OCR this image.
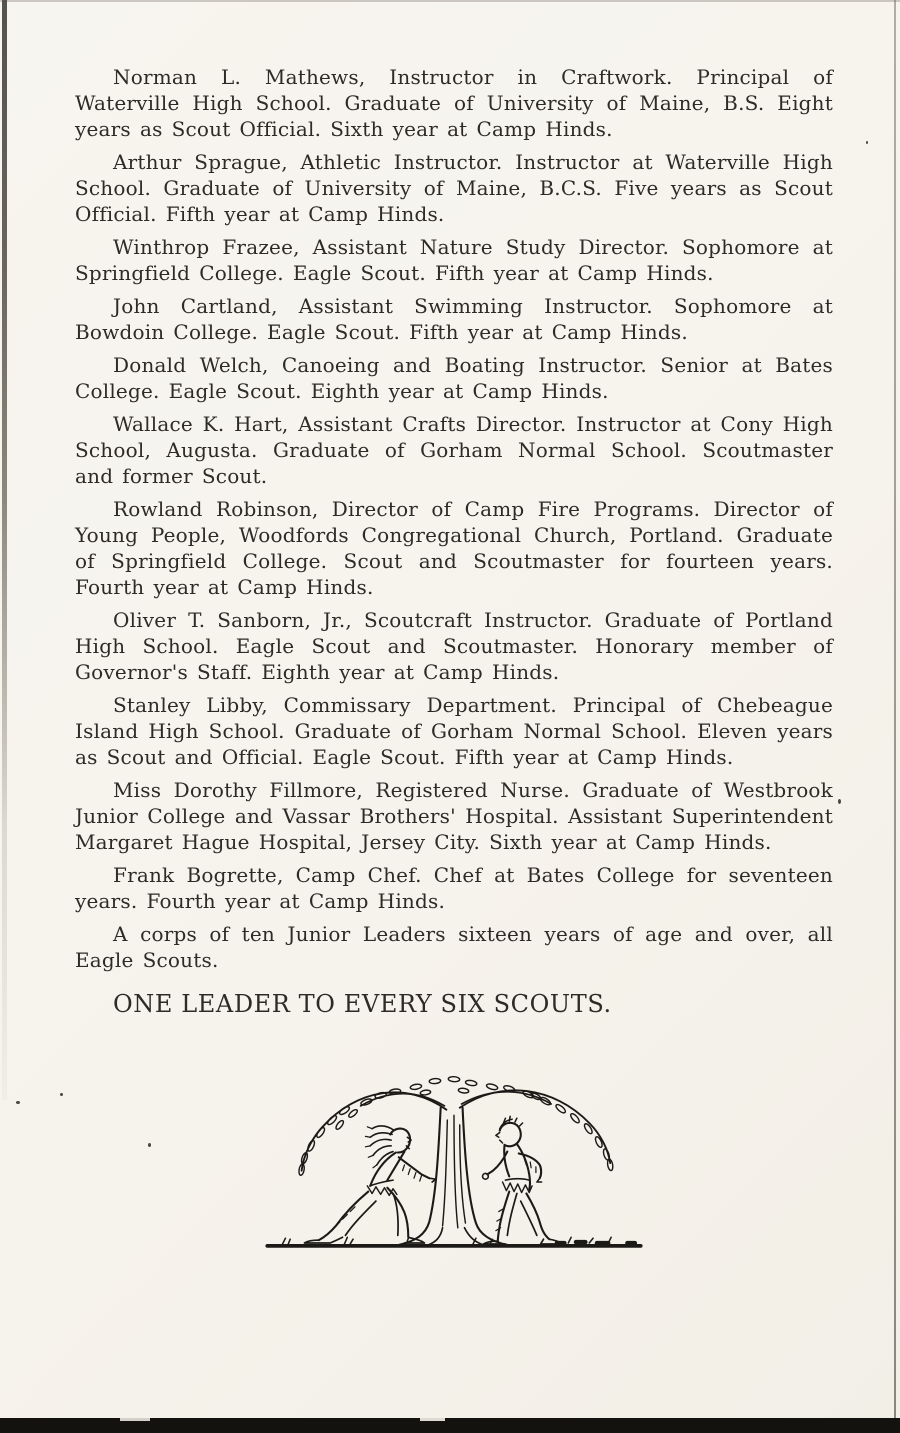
Norman L. Mathews, Instructor in Craftwork. Principal of Waterville High School. Graduate of University of Maine, B.S. Eight years as Scout Official. Sixth year at Camp Hinds.

Arthur Sprague, Athletic Instructor. Instructor at Waterville High School. Graduate of University of Maine, B.C.S. Five years as Scout Official. Fifth year at Camp Hinds.

Winthrop Frazee, Assistant Nature Study Director. Sophomore at Springfield College. Eagle Scout. Fifth year at Camp Hinds.

John Cartland, Assistant Swimming Instructor. Sophomore at Bowdoin College. Eagle Scout. Fifth year at Camp Hinds.

Donald Welch, Canoeing and Boating Instructor. Senior at Bates College. Eagle Scout. Eighth year at Camp Hinds.

Wallace K. Hart, Assistant Crafts Director. Instructor at Cony High School, Augusta. Graduate of Gorham Normal School. Scoutmaster and former Scout.

Rowland Robinson, Director of Camp Fire Programs. Director of Young People, Woodfords Congregational Church, Portland. Graduate of Springfield College. Scout and Scoutmaster for fourteen years. Fourth year at Camp Hinds.

Oliver T. Sanborn, Jr., Scoutcraft Instructor. Graduate of Portland High School. Eagle Scout and Scoutmaster. Honorary member of Governor's Staff. Eighth year at Camp Hinds.

Stanley Libby, Commissary Department. Principal of Chebeague Island High School. Graduate of Gorham Normal School. Eleven years as Scout and Official. Eagle Scout. Fifth year at Camp Hinds.

Miss Dorothy Fillmore, Registered Nurse. Graduate of Westbrook Junior College and Vassar Brothers' Hospital. Assistant Superintendent Margaret Hague Hospital, Jersey City. Sixth year at Camp Hinds.

Frank Bogrette, Camp Chef. Chef at Bates College for seventeen years. Fourth year at Camp Hinds.

A corps of ten Junior Leaders sixteen years of age and over, all Eagle Scouts.

ONE LEADER TO EVERY SIX SCOUTS.
